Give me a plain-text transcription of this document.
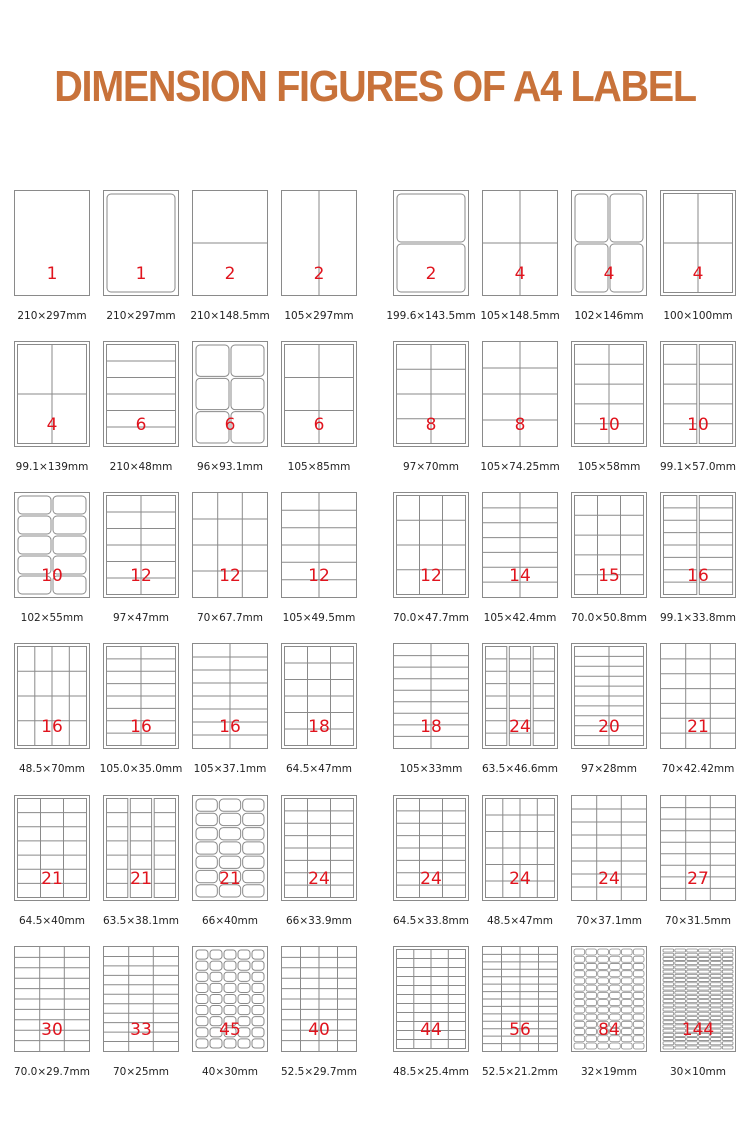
DIMENSION FIGURES OF A4 LABEL
1
210×297mm
1
210×297mm
2
210×148.5mm
2
105×297mm
2
199.6×143.5mm
4
105×148.5mm
4
102×146mm
4
100×100mm
4
99.1×139mm
6
210×48mm
6
96×93.1mm
6
105×85mm
8
97×70mm
8
105×74.25mm
10
105×58mm
10
99.1×57.0mm
10
102×55mm
12
97×47mm
12
70×67.7mm
12
105×49.5mm
12
70.0×47.7mm
14
105×42.4mm
15
70.0×50.8mm
16
99.1×33.8mm
16
48.5×70mm
16
105.0×35.0mm
16
105×37.1mm
18
64.5×47mm
18
105×33mm
24
63.5×46.6mm
20
97×28mm
21
70×42.42mm
21
64.5×40mm
21
63.5×38.1mm
21
66×40mm
24
66×33.9mm
24
64.5×33.8mm
24
48.5×47mm
24
70×37.1mm
27
70×31.5mm
30
70.0×29.7mm
33
70×25mm
45
40×30mm
40
52.5×29.7mm
44
48.5×25.4mm
56
52.5×21.2mm
84
32×19mm
144
30×10mm
